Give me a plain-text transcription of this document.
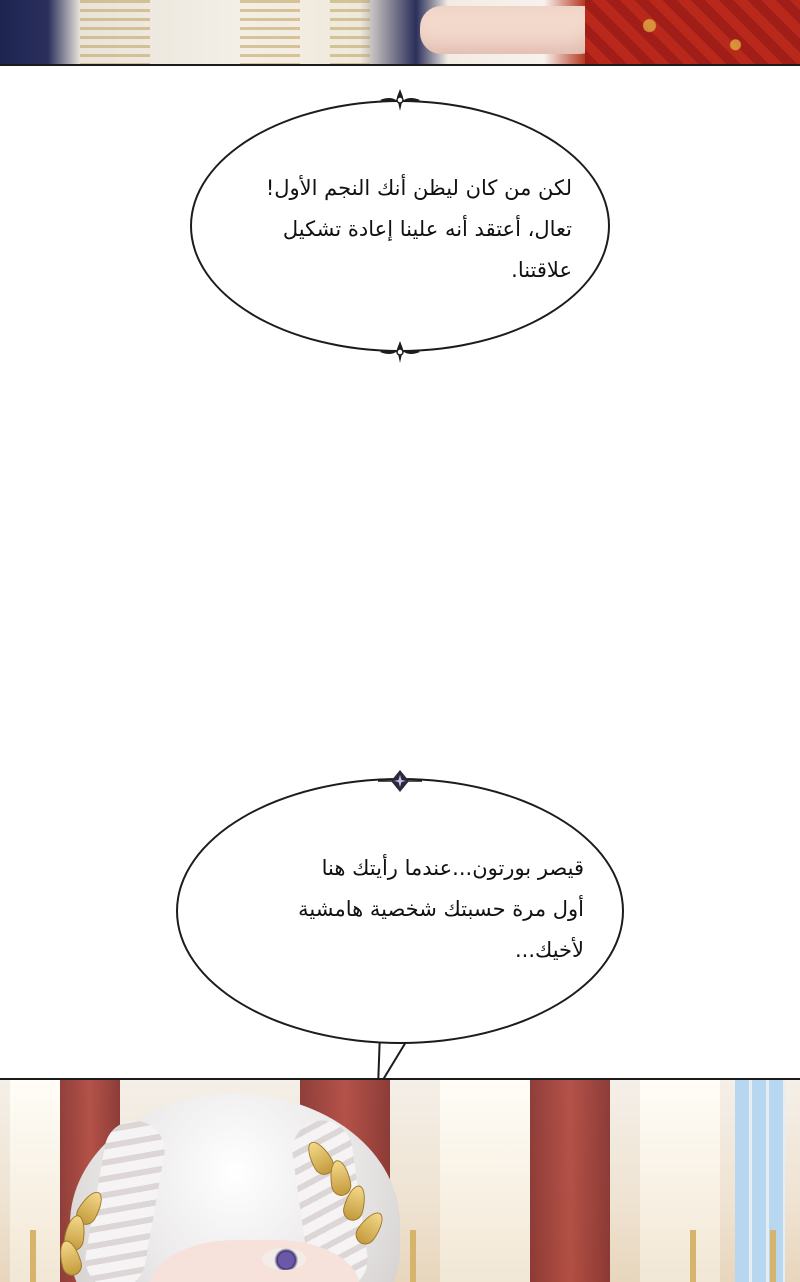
لكن من كان ليظن أنك النجم الأول!
تعال، أعتقد أنه علينا إعادة تشكيل
علاقتنا.
قيصر بورتون...عندما رأيتك هنا
أول مرة حسبتك شخصية هامشية
لأخيك...
